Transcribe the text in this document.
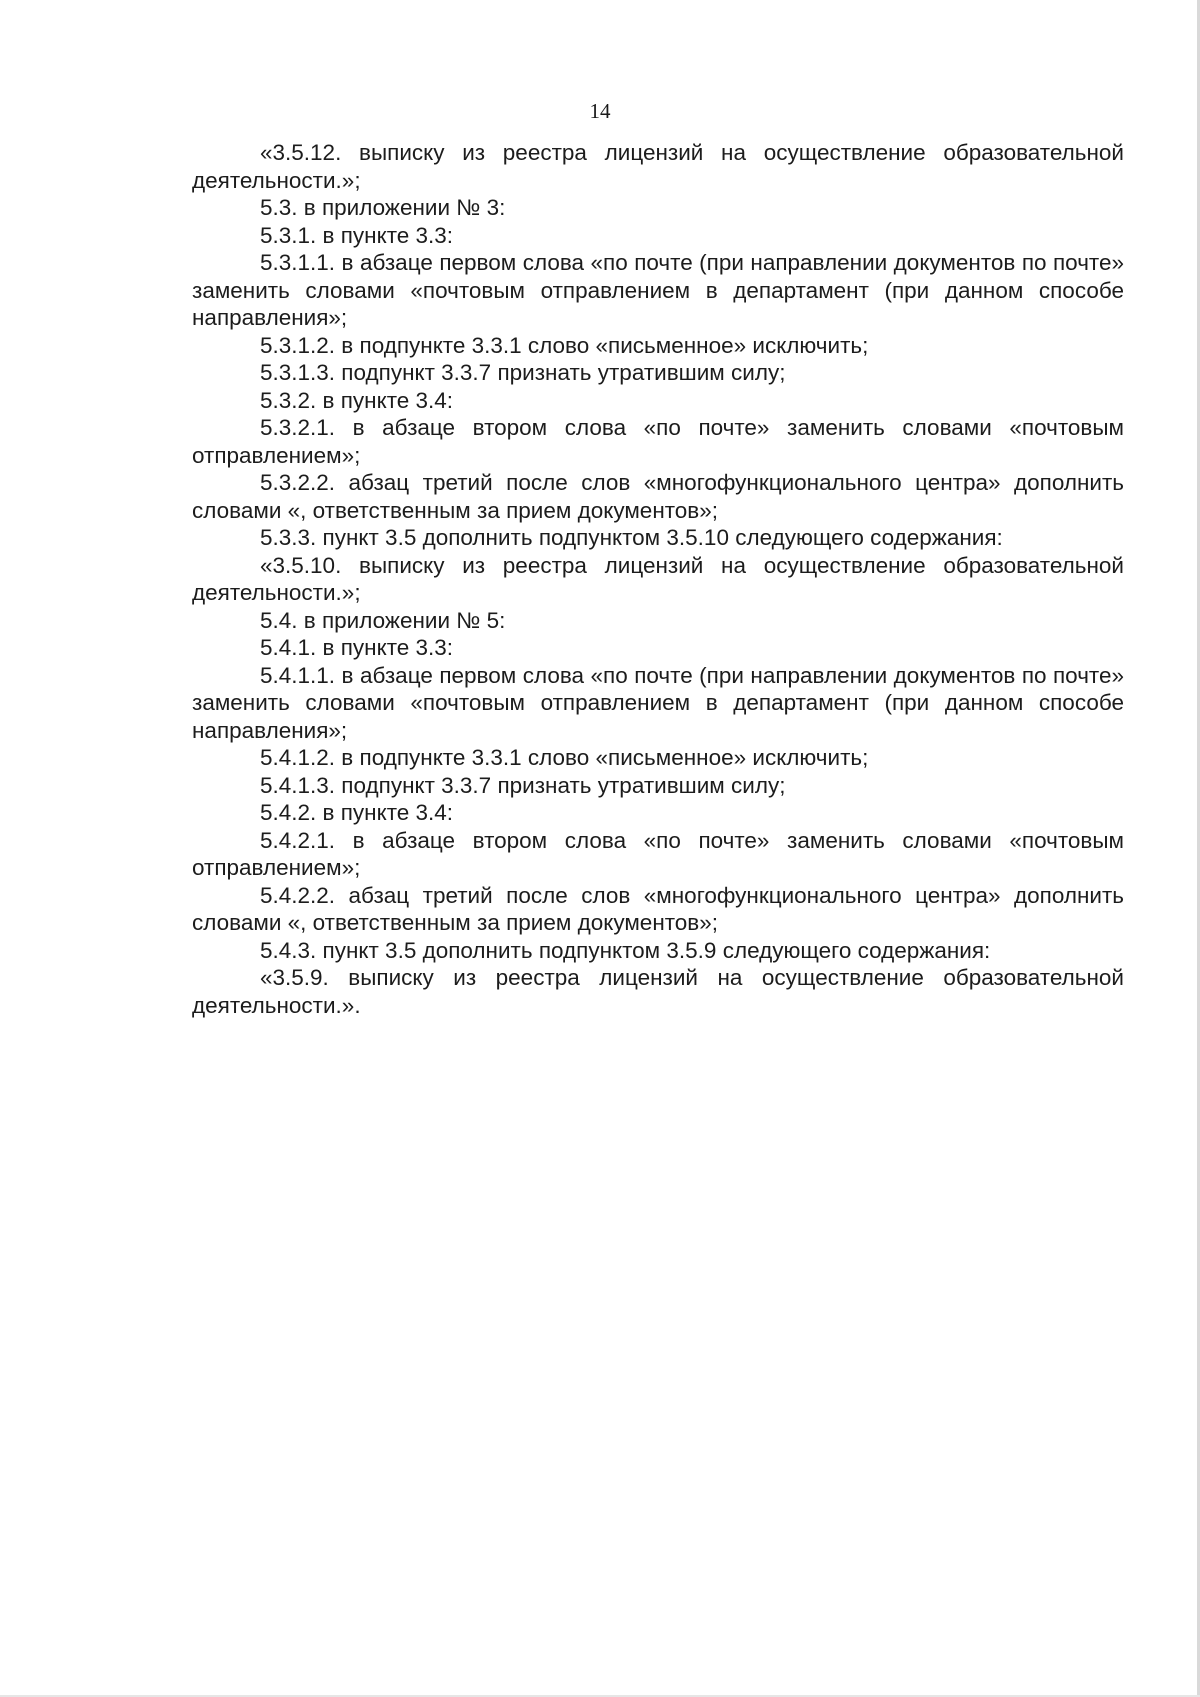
14

«3.5.12. выписку из реестра лицензий на осуществление образовательной деятельности.»;

5.3. в приложении № 3:

5.3.1. в пункте 3.3:

5.3.1.1. в абзаце первом слова «по почте (при направлении документов по почте» заменить словами «почтовым отправлением в департамент (при данном способе направления»;

5.3.1.2. в подпункте 3.3.1 слово «письменное» исключить;

5.3.1.3. подпункт 3.3.7 признать утратившим силу;

5.3.2. в пункте 3.4:

5.3.2.1. в абзаце втором слова «по почте» заменить словами «почтовым отправлением»;

5.3.2.2. абзац третий после слов «многофункционального центра» дополнить словами «, ответственным за прием документов»;

5.3.3. пункт 3.5 дополнить подпунктом 3.5.10 следующего содержания:

«3.5.10. выписку из реестра лицензий на осуществление образовательной деятельности.»;

5.4. в приложении № 5:

5.4.1. в пункте 3.3:

5.4.1.1. в абзаце первом слова «по почте (при направлении документов по почте» заменить словами «почтовым отправлением в департамент (при данном способе направления»;

5.4.1.2. в подпункте 3.3.1 слово «письменное» исключить;

5.4.1.3. подпункт 3.3.7 признать утратившим силу;

5.4.2. в пункте 3.4:

5.4.2.1. в абзаце втором слова «по почте» заменить словами «почтовым отправлением»;

5.4.2.2. абзац третий после слов «многофункционального центра» дополнить словами «, ответственным за прием документов»;

5.4.3. пункт 3.5 дополнить подпунктом 3.5.9 следующего содержания:

«3.5.9. выписку из реестра лицензий на осуществление образовательной деятельности.».
